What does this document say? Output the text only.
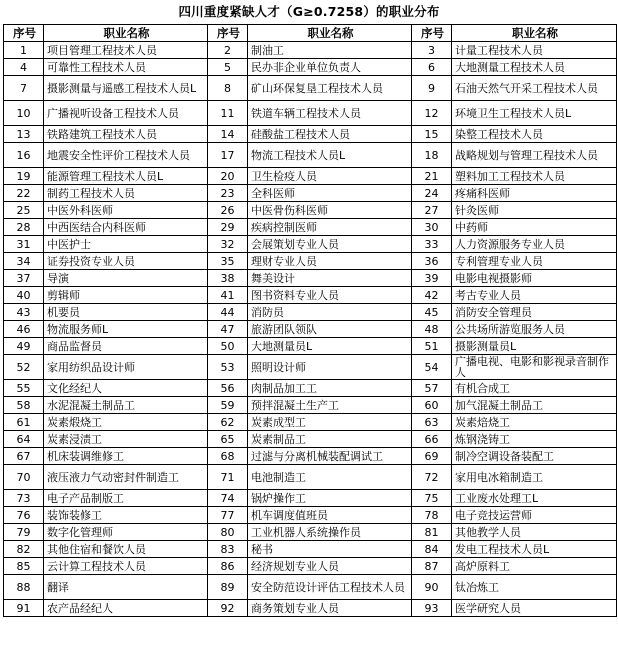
四川重度紧缺人才（G≥0.7258）的职业分布
序号	职业名称	序号	职业名称	序号	职业名称
1	项目管理工程技术人员	2	制油工	3	计量工程技术人员
4	可靠性工程技术人员	5	民办非企业单位负责人	6	大地测量工程技术人员
7	摄影测量与遥感工程技术人员L	8	矿山环保复垦工程技术人员	9	石油天然气开采工程技术人员
10	广播视听设备工程技术人员	11	铁道车辆工程技术人员	12	环境卫生工程技术人员L
13	铁路建筑工程技术人员	14	硅酸盐工程技术人员	15	染整工程技术人员
16	地震安全性评价工程技术人员	17	物流工程技术人员L	18	战略规划与管理工程技术人员
19	能源管理工程技术人员L	20	卫生检疫人员	21	塑料加工工程技术人员
22	制药工程技术人员	23	全科医师	24	疼痛科医师
25	中医外科医师	26	中医骨伤科医师	27	针灸医师
28	中西医结合内科医师	29	疾病控制医师	30	中药师
31	中医护士	32	会展策划专业人员	33	人力资源服务专业人员
34	证券投资专业人员	35	理财专业人员	36	专利管理专业人员
37	导演	38	舞美设计	39	电影电视摄影师
40	剪辑师	41	图书资料专业人员	42	考古专业人员
43	机要员	44	消防员	45	消防安全管理员
46	物流服务师L	47	旅游团队领队	48	公共场所游览服务人员
49	商品监督员	50	大地测量员L	51	摄影测量员L
52	家用纺织品设计师	53	照明设计师	54	广播电视、电影和影视录音制作人
55	文化经纪人	56	肉制品加工工	57	有机合成工
58	水泥混凝土制品工	59	预拌混凝土生产工	60	加气混凝土制品工
61	炭素煅烧工	62	炭素成型工	63	炭素焙烧工
64	炭素浸渍工	65	炭素制品工	66	炼钢浇铸工
67	机床装调维修工	68	过滤与分离机械装配调试工	69	制冷空调设备装配工
70	液压液力气动密封件制造工	71	电池制造工	72	家用电冰箱制造工
73	电子产品制版工	74	锅炉操作工	75	工业废水处理工L
76	装饰装修工	77	机车调度值班员	78	电子竞技运营师
79	数字化管理师	80	工业机器人系统操作员	81	其他教学人员
82	其他住宿和餐饮人员	83	秘书	84	发电工程技术人员L
85	云计算工程技术人员	86	经济规划专业人员	87	高炉原料工
88	翻译	89	安全防范设计评估工程技术人员	90	钛冶炼工
91	农产品经纪人	92	商务策划专业人员	93	医学研究人员
